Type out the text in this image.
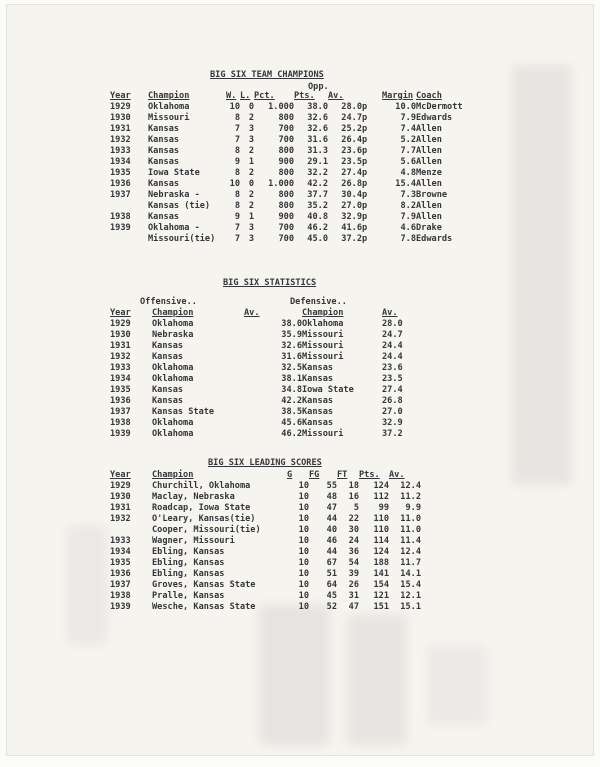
BIG SIX TEAM CHAMPIONS
Opp.
Year	Champion	W.	L.	Pct.	Pts.	Av.		Margin	Coach
1929	Oklahoma	10	0	1.000	38.0	28.0	p	10.0	McDermott
1930	Missouri	8	2	800	32.6	24.7	p	7.9	Edwards
1931	Kansas	7	3	700	32.6	25.2	p	7.4	Allen
1932	Kansas	7	3	700	31.6	26.4	p	5.2	Allen
1933	Kansas	8	2	800	31.3	23.6	p	7.7	Allen
1934	Kansas	9	1	900	29.1	23.5	p	5.6	Allen
1935	Iowa State	8	2	800	32.2	27.4	p	4.8	Menze
1936	Kansas	10	0	1.000	42.2	26.8	p	15.4	Allen
1937	Nebraska -	8	2	800	37.7	30.4	p	7.3	Browne
	Kansas (tie)	8	2	800	35.2	27.0	p	8.2	Allen
1938	Kansas	9	1	900	40.8	32.9	p	7.9	Allen
1939	Oklahoma -	7	3	700	46.2	41.6	p	4.6	Drake
	Missouri(tie)	7	3	700	45.0	37.2	p	7.8	Edwards
BIG SIX STATISTICS
Offensive..	Defensive..
Year	Champion	Av.	Champion	Av.
1929	Oklahoma	38.0	Oklahoma	28.0
1930	Nebraska	35.9	Missouri	24.7
1931	Kansas	32.6	Missouri	24.4
1932	Kansas	31.6	Missouri	24.4
1933	Oklahoma	32.5	Kansas	23.6
1934	Oklahoma	38.1	Kansas	23.5
1935	Kansas	34.8	Iowa State	27.4
1936	Kansas	42.2	Kansas	26.8
1937	Kansas State	38.5	Kansas	27.0
1938	Oklahoma	45.6	Kansas	32.9
1939	Oklahoma	46.2	Missouri	37.2
BIG SIX LEADING SCORES
Year	Champion	G	FG	FT	Pts.	Av.
1929	Churchill, Oklahoma	10	55	18	124	12.4
1930	Maclay, Nebraska	10	48	16	112	11.2
1931	Roadcap, Iowa State	10	47	5	99	9.9
1932	O'Leary, Kansas(tie)	10	44	22	110	11.0
	Cooper, Missouri(tie)	10	40	30	110	11.0
1933	Wagner, Missouri	10	46	24	114	11.4
1934	Ebling, Kansas	10	44	36	124	12.4
1935	Ebling, Kansas	10	67	54	188	11.7
1936	Ebling, Kansas	10	51	39	141	14.1
1937	Groves, Kansas State	10	64	26	154	15.4
1938	Pralle, Kansas	10	45	31	121	12.1
1939	Wesche, Kansas State	10	52	47	151	15.1
